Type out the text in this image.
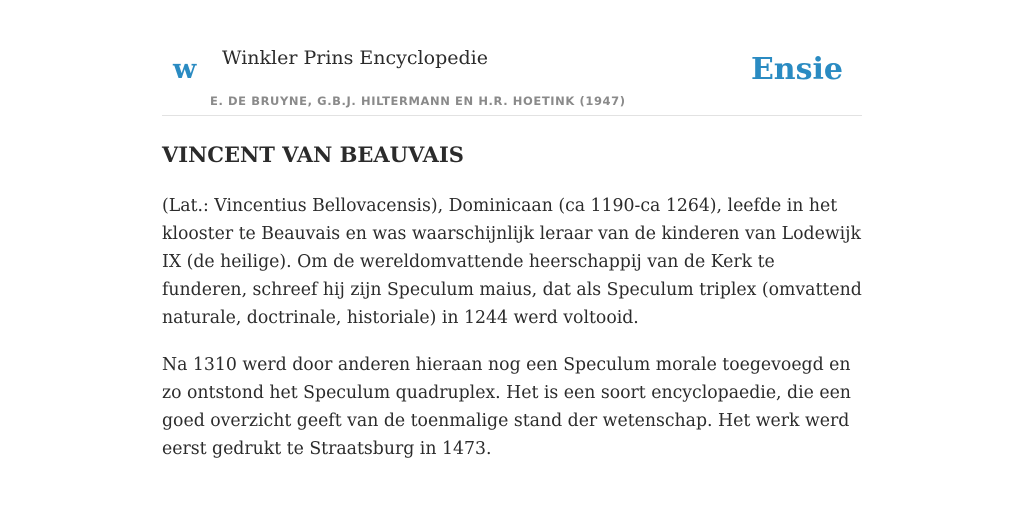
w Winkler Prins Encyclopedie
E. DE BRUYNE, G.B.J. HILTERMANN EN H.R. HOETINK (1947)
Ensie
VINCENT VAN BEAUVAIS

(Lat.: Vincentius Bellovacensis), Dominicaan (ca 1190-ca 1264), leefde in het klooster te Beauvais en was waarschijnlijk leraar van de kinderen van Lodewijk IX (de heilige). Om de wereldomvattende heerschappij van de Kerk te funderen, schreef hij zijn Speculum maius, dat als Speculum triplex (omvattend naturale, doctrinale, historiale) in 1244 werd voltooid.

Na 1310 werd door anderen hieraan nog een Speculum morale toegevoegd en zo ontstond het Speculum quadruplex. Het is een soort encyclopaedie, die een goed overzicht geeft van de toenmalige stand der wetenschap. Het werk werd eerst gedrukt te Straatsburg in 1473.
